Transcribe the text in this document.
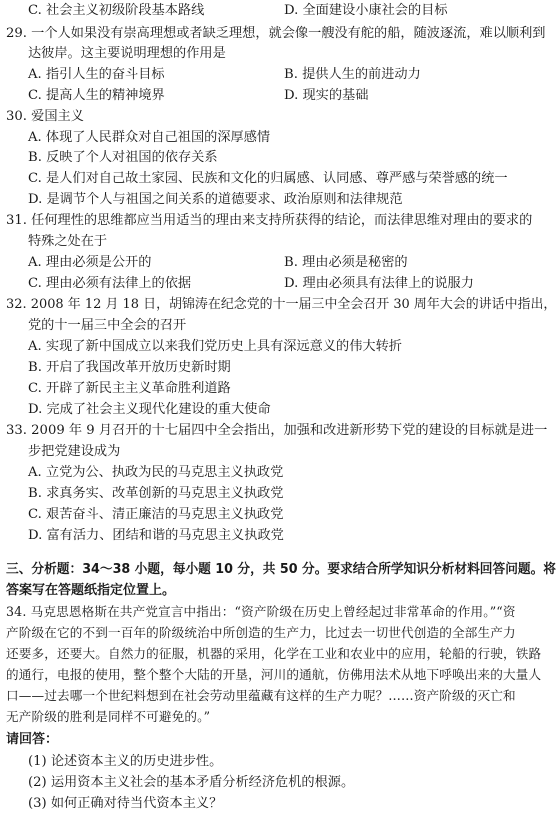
C. 社会主义初级阶段基本路线	D. 全面建设小康社会的目标
29. 一个人如果没有崇高理想或者缺乏理想，就会像一艘没有舵的船，随波逐流，难以顺利到
达彼岸。这主要说明理想的作用是
A. 指引人生的奋斗目标	B. 提供人生的前进动力
C. 提高人生的精神境界	D. 现实的基础
30. 爱国主义
A. 体现了人民群众对自己祖国的深厚感情
B. 反映了个人对祖国的依存关系
C. 是人们对自己故土家园、民族和文化的归属感、认同感、尊严感与荣誉感的统一
D. 是调节个人与祖国之间关系的道德要求、政治原则和法律规范
31. 任何理性的思维都应当用适当的理由来支持所获得的结论，而法律思维对理由的要求的
特殊之处在于
A. 理由必须是公开的	B. 理由必须是秘密的
C. 理由必须有法律上的依据	D. 理由必须具有法律上的说服力
32. 2008 年 12 月 18 日，胡锦涛在纪念党的十一届三中全会召开 30 周年大会的讲话中指出，
党的十一届三中全会的召开
A. 实现了新中国成立以来我们党历史上具有深远意义的伟大转折
B. 开启了我国改革开放历史新时期
C. 开辟了新民主主义革命胜利道路
D. 完成了社会主义现代化建设的重大使命
33. 2009 年 9 月召开的十七届四中全会指出，加强和改进新形势下党的建设的目标就是进一
步把党建设成为
A. 立党为公、执政为民的马克思主义执政党
B. 求真务实、改革创新的马克思主义执政党
C. 艰苦奋斗、清正廉洁的马克思主义执政党
D. 富有活力、团结和谐的马克思主义执政党
三、分析题：34～38 小题，每小题 10 分，共 50 分。要求结合所学知识分析材料回答问题。将
答案写在答题纸指定位置上。
34. 马克思恩格斯在共产党宣言中指出：“资产阶级在历史上曾经起过非常革命的作用。”“资
产阶级在它的不到一百年的阶级统治中所创造的生产力，比过去一切世代创造的全部生产力
还要多，还要大。自然力的征服，机器的采用，化学在工业和农业中的应用，轮船的行驶，铁路
的通行，电报的使用，整个整个大陆的开垦，河川的通航，仿佛用法术从地下呼唤出来的大量人
口——过去哪一个世纪料想到在社会劳动里蕴藏有这样的生产力呢？……资产阶级的灭亡和
无产阶级的胜利是同样不可避免的。”
请回答：
(1) 论述资本主义的历史进步性。
(2) 运用资本主义社会的基本矛盾分析经济危机的根源。
(3) 如何正确对待当代资本主义？
